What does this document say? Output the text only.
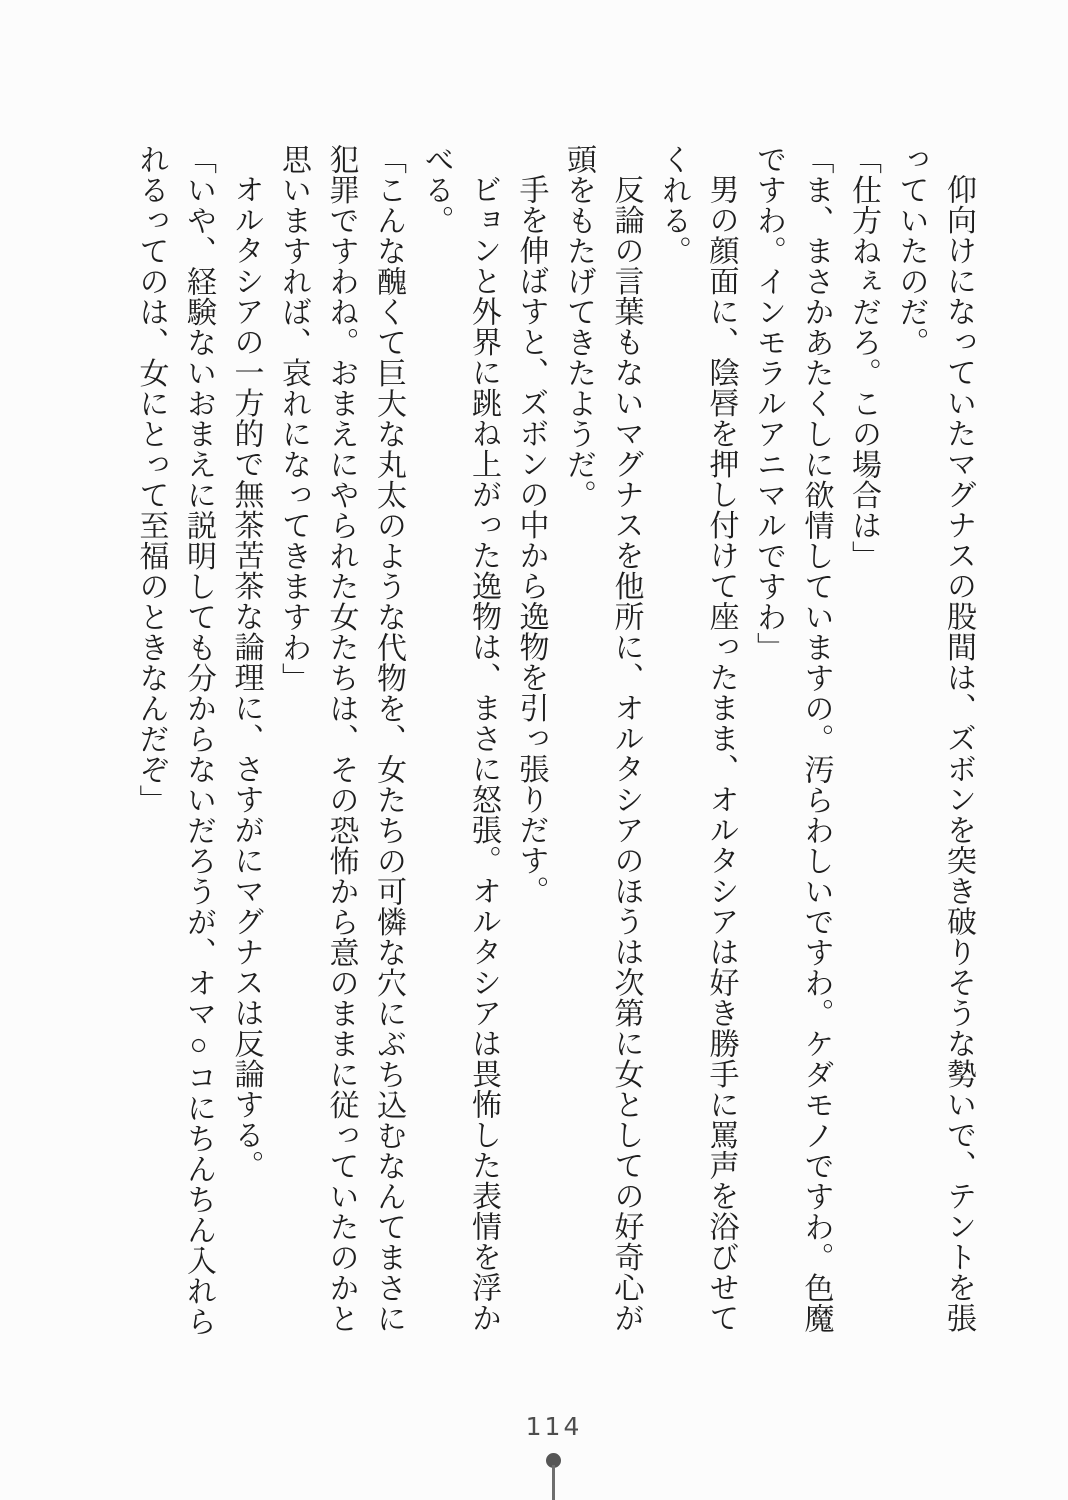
仰向けになっていたマグナスの股間は、ズボンを突き破りそうな勢いで、テントを張っていたのだ。

「仕方ねぇだろ。この場合は」

「ま、まさかあたくしに欲情していますの。汚らわしいですわ。ケダモノですわ。色魔ですわ。インモラルアニマルですわ」

男の顔面に、陰唇を押し付けて座ったまま、オルタシアは好き勝手に罵声を浴びせてくれる。

反論の言葉もないマグナスを他所に、オルタシアのほうは次第に女としての好奇心が頭をもたげてきたようだ。

手を伸ばすと、ズボンの中から逸物を引っ張りだす。

ビョンと外界に跳ね上がった逸物は、まさに怒張。オルタシアは畏怖した表情を浮かべる。

「こんな醜くて巨大な丸太のような代物を、女たちの可憐な穴にぶち込むなんてまさに犯罪ですわね。おまえにやられた女たちは、その恐怖から意のままに従っていたのかと思いますれば、哀れになってきますわ」

オルタシアの一方的で無茶苦茶な論理に、さすがにマグナスは反論する。

「いや、経験ないおまえに説明しても分からないだろうが、オマ○コにちんちん入れられるってのは、女にとって至福のときなんだぞ」

114
